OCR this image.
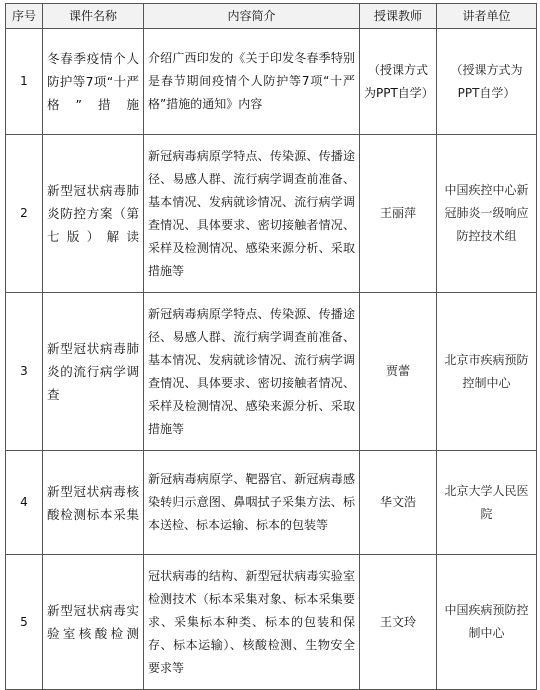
序号	课件名称	内容简介	授课教师	讲者单位
1	冬春季疫情个人防护等7项“十严格”措施	介绍广西印发的《关于印发冬春季特别是春节期间疫情个人防护等7项“十严格”措施的通知》内容	（授课方式为PPT自学）	（授课方式为PPT自学）
2	新型冠状病毒肺炎防控方案（第七版）解读	新冠病毒病原学特点、传染源、传播途径、易感人群、流行病学调查前准备、基本情况、发病就诊情况、流行病学调查情况、具体要求、密切接触者情况、采样及检测情况、感染来源分析、采取措施等	王丽萍	中国疾控中心新冠肺炎一级响应防控技术组
3	新型冠状病毒肺炎的流行病学调查	新冠病毒病原学特点、传染源、传播途径、易感人群、流行病学调查前准备、基本情况、发病就诊情况、流行病学调查情况、具体要求、密切接触者情况、采样及检测情况、感染来源分析、采取措施等	贾蕾	北京市疾病预防控制中心
4	新型冠状病毒核酸检测标本采集	新冠病毒病原学、靶器官、新冠病毒感染转归示意图、鼻咽拭子采集方法、标本送检、标本运输、标本的包装等	华文浩	北京大学人民医院
5	新型冠状病毒实验室核酸检测	冠状病毒的结构、新型冠状病毒实验室检测技术（标本采集对象、标本采集要求、采集标本种类、标本的包装和保存、标本运输）、核酸检测、生物安全要求等	王文玲	中国疾病预防控制中心
